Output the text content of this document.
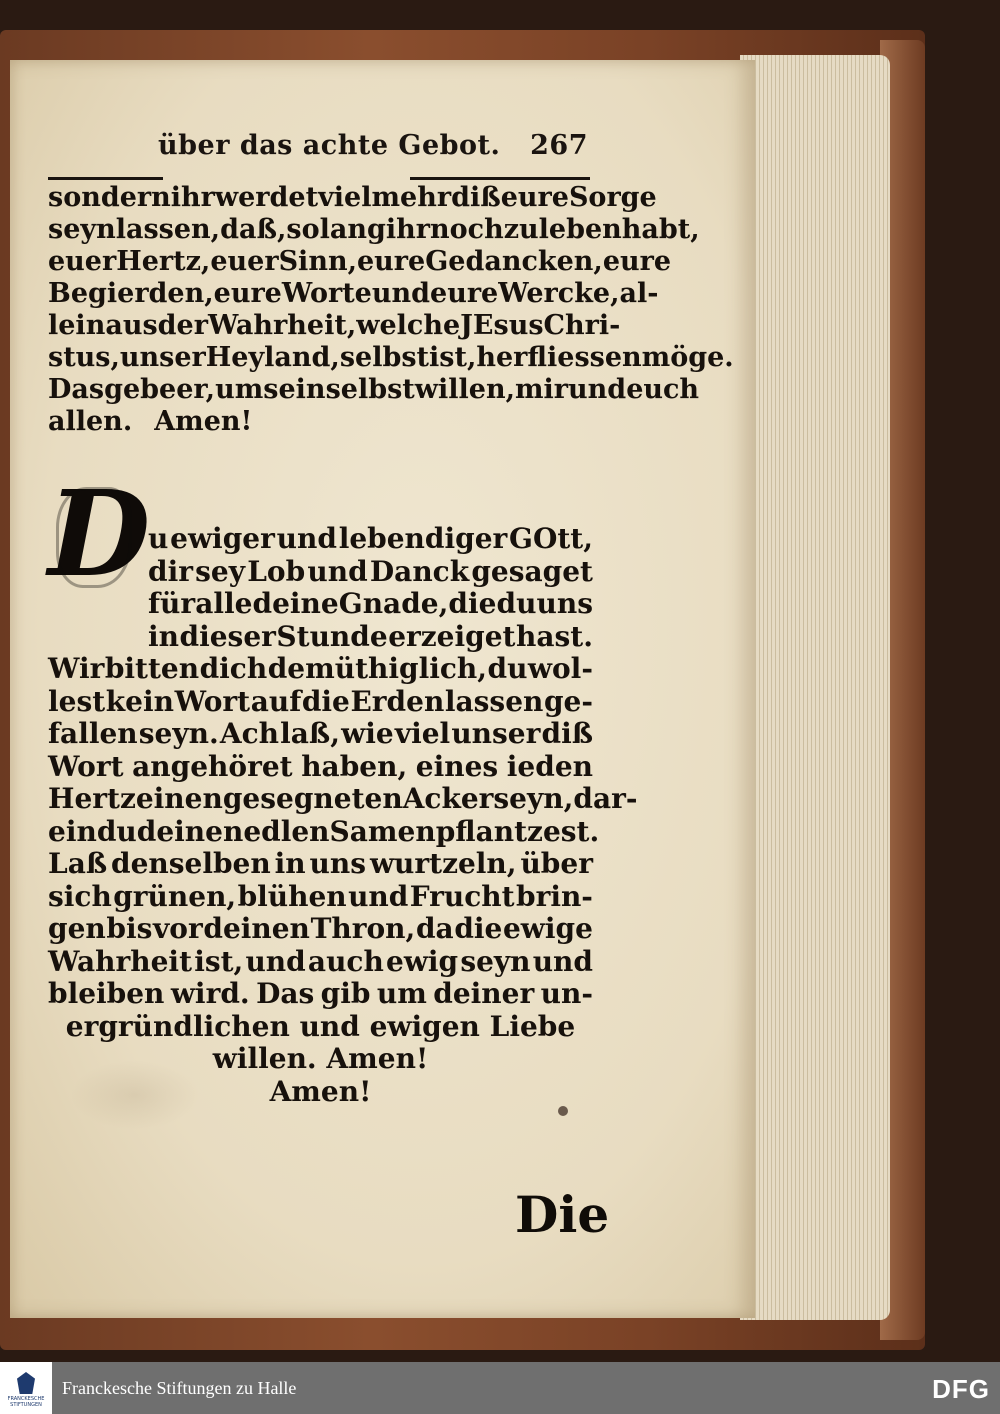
über das achte Gebot. 267
sondern ihr werdet vielmehr diß eure Sorge
seyn lassen, daß, so lang ihr noch zu leben habt,
euer Hertz, euer Sinn, eure Gedancken, eure
Begierden, eure Worte und eure Wercke, al-
lein aus der Wahrheit, welche JEsus Chri-
stus, unser Heyland, selbst ist, herfliessen möge.
Das gebe er, um sein selbst willen, mir und euch
allen. Amen!
D
u ewiger und lebendiger GOtt,
dir sey Lob und Danck gesaget
für alle deine Gnade, die du uns
in dieser Stunde erzeiget hast.
Wir bitten dich demüthiglich, du wol-
lest kein Wort auf die Erden lassen ge-
fallen seyn. Ach laß, wie viel unser diß
Wort angehöret haben, eines ieden
Hertz einen gesegneten Acker seyn, dar-
ein du deinen edlen Samen pflantzest.
Laß denselben in uns wurtzeln, über
sich grünen, blühen und Frucht brin-
gen bis vor deinen Thron, da die ewige
Wahrheit ist, und auch ewig seyn und
bleiben wird. Das gib um deiner un-
ergründlichen und ewigen Liebe
willen. Amen!
Amen!
Die
FRANCKESCHE STIFTUNGEN
Franckesche Stiftungen zu Halle	DFG
